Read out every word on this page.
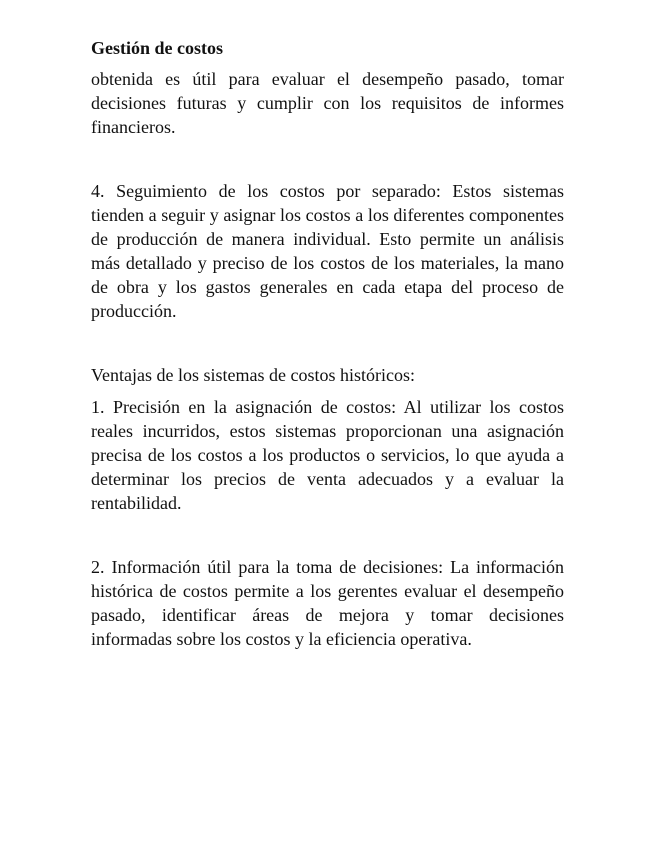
Gestión de costos

obtenida es útil para evaluar el desempeño pasado, tomar decisiones futuras y cumplir con los requisitos de informes financieros.

4. Seguimiento de los costos por separado: Estos sistemas tienden a seguir y asignar los costos a los diferentes componentes de producción de manera individual. Esto permite un análisis más detallado y preciso de los costos de los materiales, la mano de obra y los gastos generales en cada etapa del proceso de producción.

Ventajas de los sistemas de costos históricos:

1. Precisión en la asignación de costos: Al utilizar los costos reales incurridos, estos sistemas proporcionan una asignación precisa de los costos a los productos o servicios, lo que ayuda a determinar los precios de venta adecuados y a evaluar la rentabilidad.

2. Información útil para la toma de decisiones: La información histórica de costos permite a los gerentes evaluar el desempeño pasado, identificar áreas de mejora y tomar decisiones informadas sobre los costos y la eficiencia operativa.
